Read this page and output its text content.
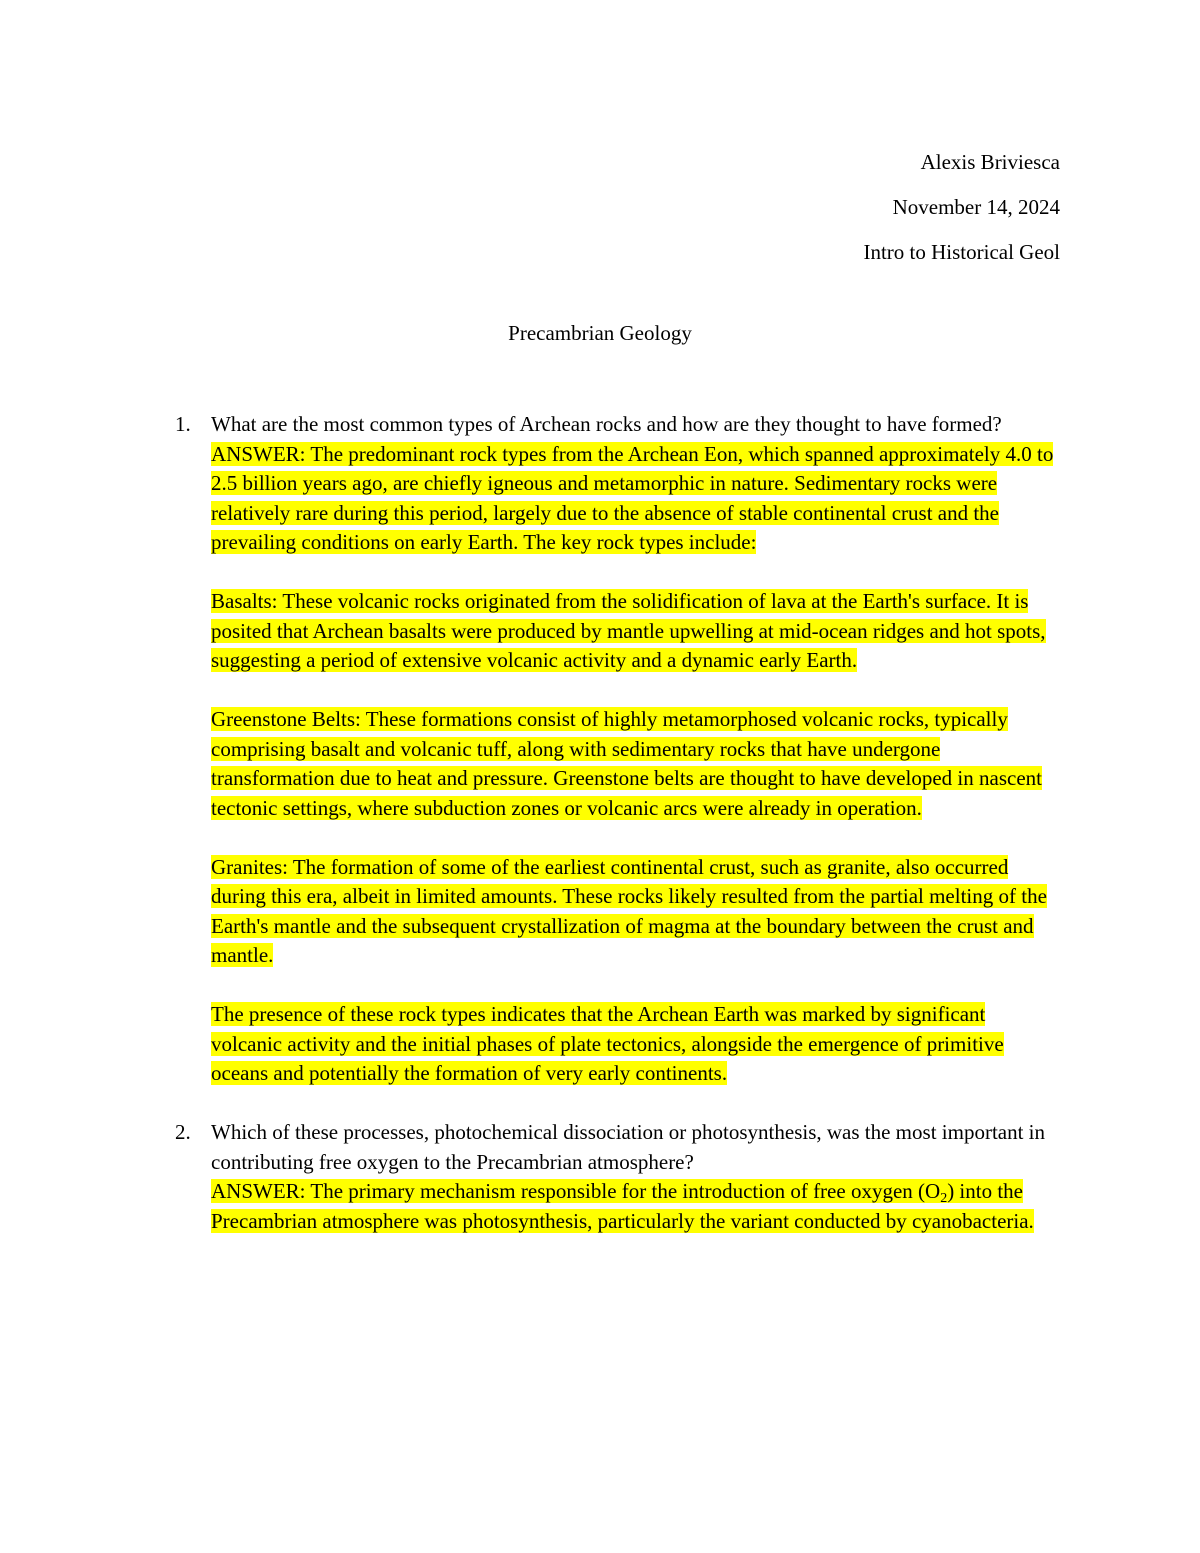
Alexis Briviesca
November 14, 2024
Intro to Historical Geol
Precambrian Geology
1. What are the most common types of Archean rocks and how are they thought to have formed?

ANSWER: The predominant rock types from the Archean Eon, which spanned approximately 4.0 to 2.5 billion years ago, are chiefly igneous and metamorphic in nature. Sedimentary rocks were relatively rare during this period, largely due to the absence of stable continental crust and the prevailing conditions on early Earth. The key rock types include:

Basalts: These volcanic rocks originated from the solidification of lava at the Earth's surface. It is posited that Archean basalts were produced by mantle upwelling at mid-ocean ridges and hot spots, suggesting a period of extensive volcanic activity and a dynamic early Earth.

Greenstone Belts: These formations consist of highly metamorphosed volcanic rocks, typically comprising basalt and volcanic tuff, along with sedimentary rocks that have undergone transformation due to heat and pressure. Greenstone belts are thought to have developed in nascent tectonic settings, where subduction zones or volcanic arcs were already in operation.

Granites: The formation of some of the earliest continental crust, such as granite, also occurred during this era, albeit in limited amounts. These rocks likely resulted from the partial melting of the Earth's mantle and the subsequent crystallization of magma at the boundary between the crust and mantle.

The presence of these rock types indicates that the Archean Earth was marked by significant volcanic activity and the initial phases of plate tectonics, alongside the emergence of primitive oceans and potentially the formation of very early continents.

2. Which of these processes, photochemical dissociation or photosynthesis, was the most important in contributing free oxygen to the Precambrian atmosphere?

ANSWER: The primary mechanism responsible for the introduction of free oxygen $(O_2)$ into the Precambrian atmosphere was photosynthesis, particularly the variant conducted by cyanobacteria.
